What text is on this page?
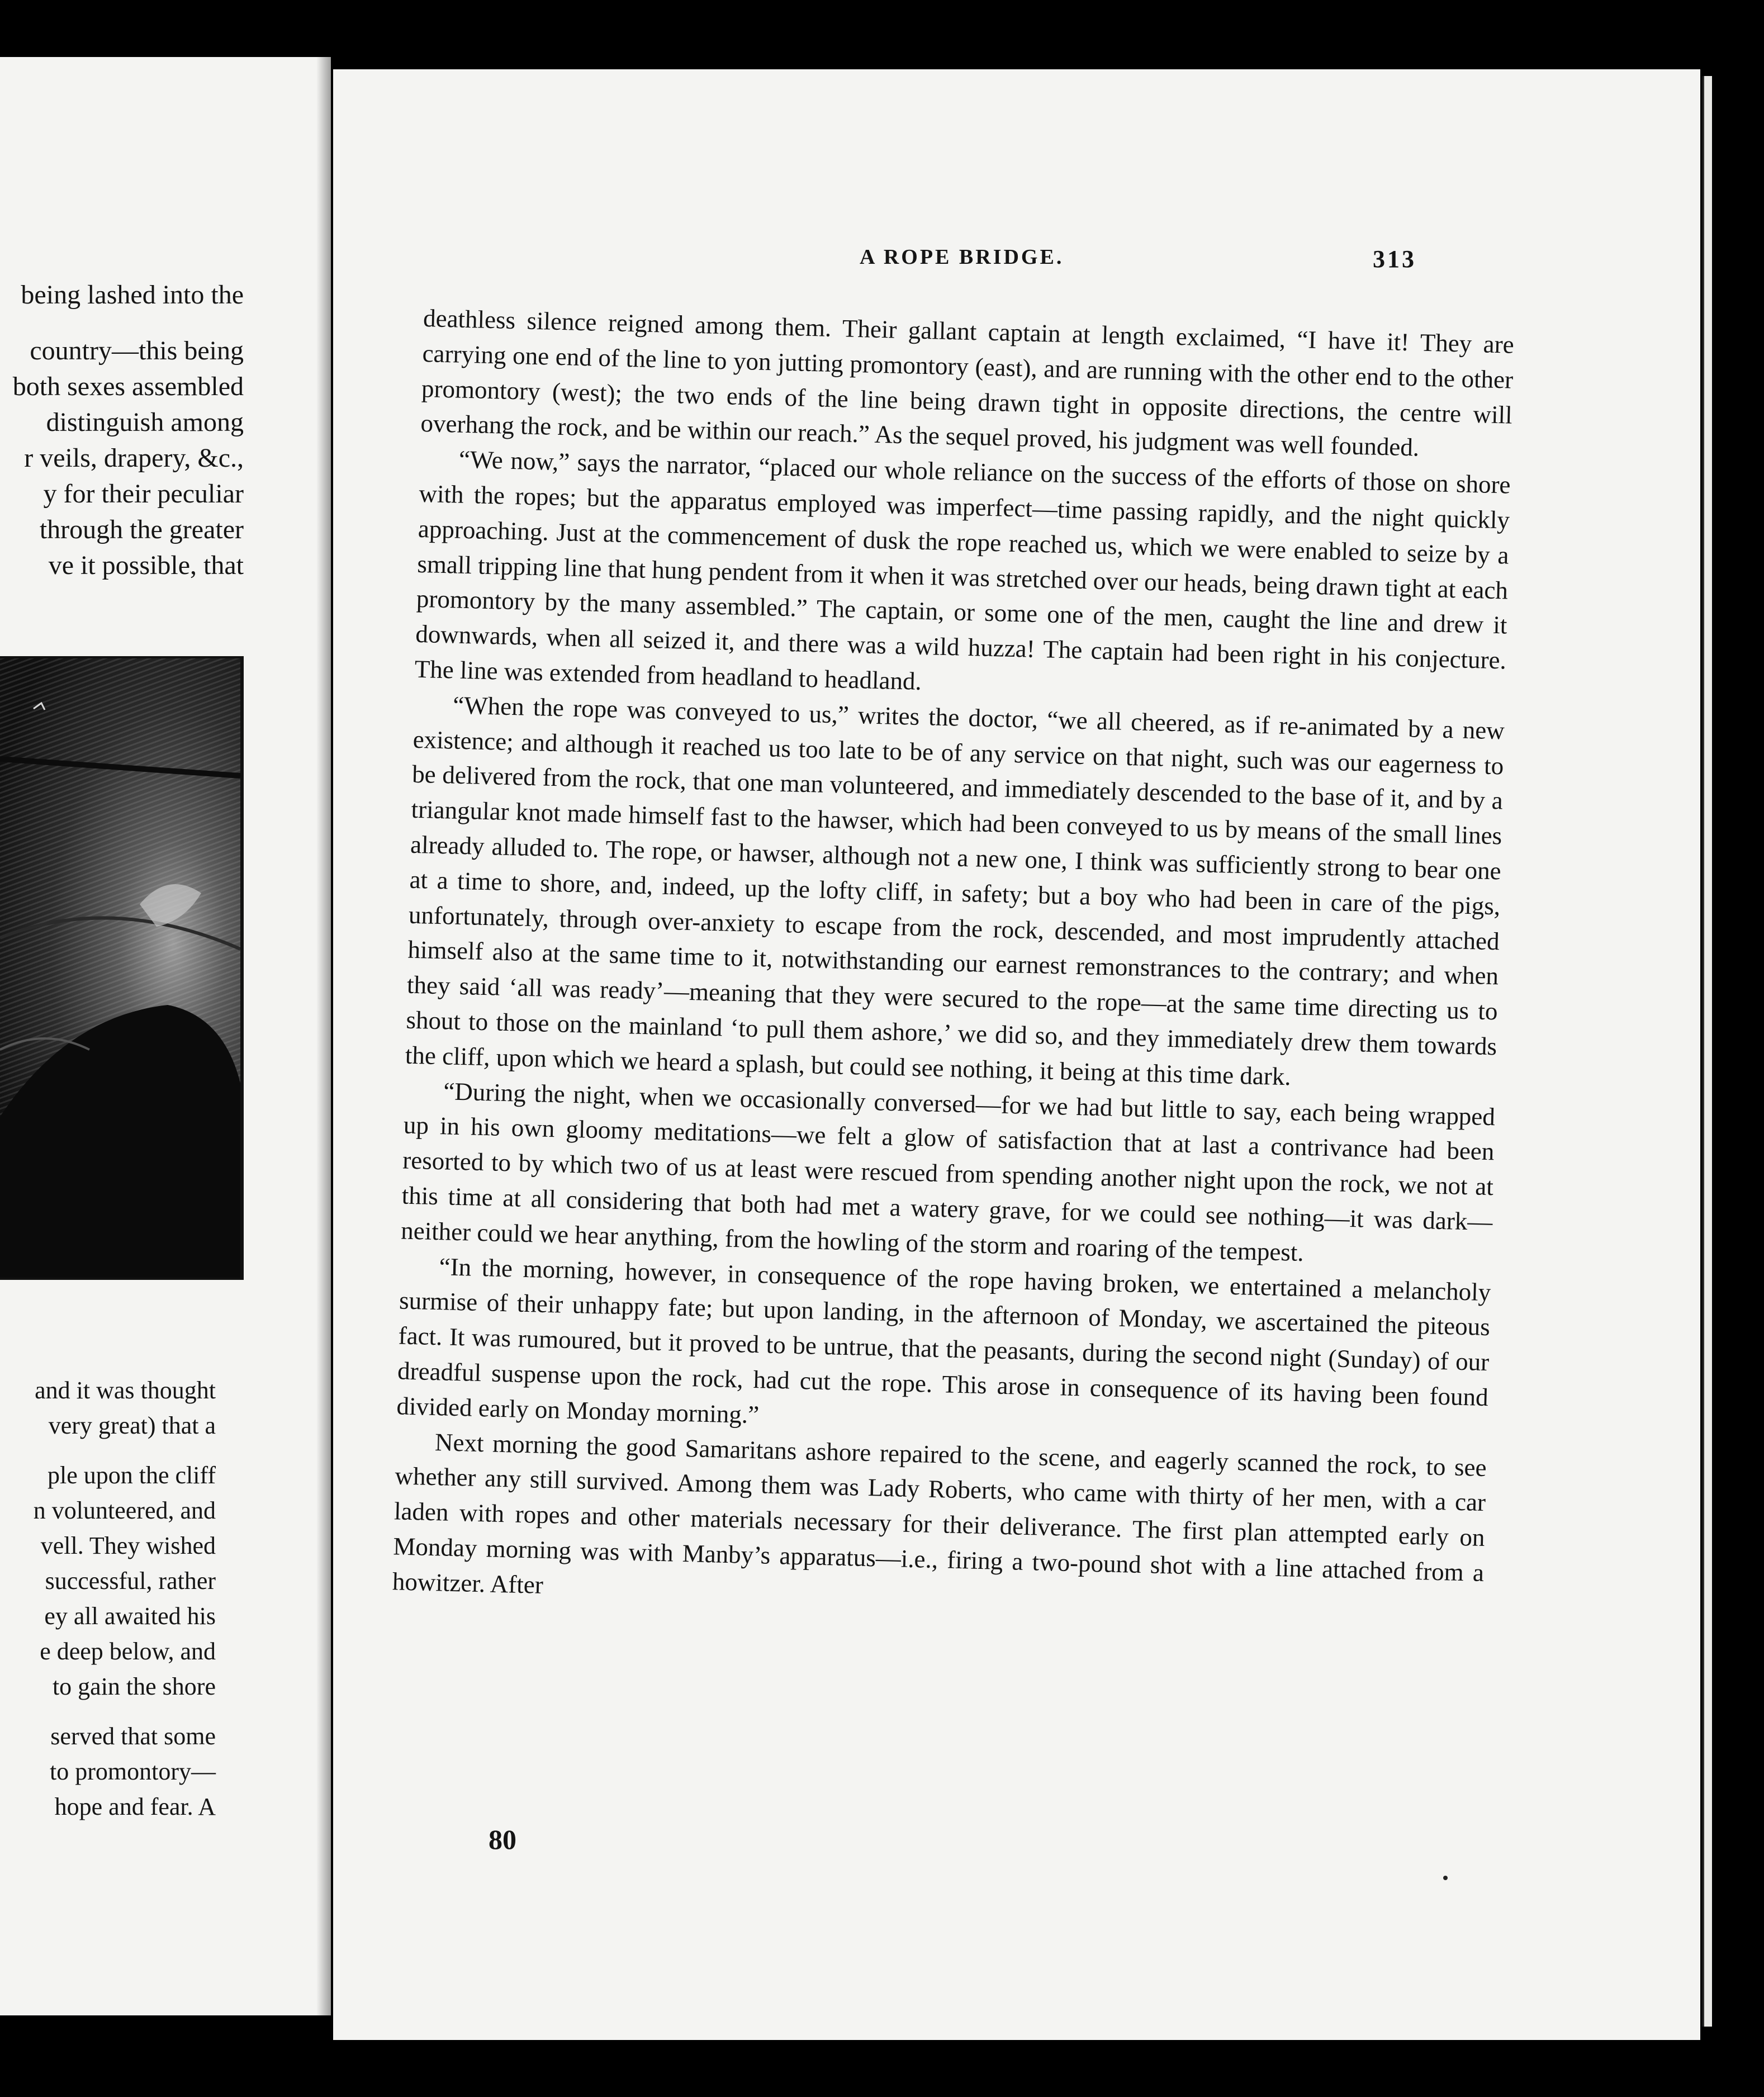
being lashed into the
country—this being
both sexes assembled
distinguish among
r veils, drapery, &c.,
y for their peculiar
through the greater
ve it possible, that
and it was thought
very great) that a
ple upon the cliff
n volunteered, and
vell. They wished
successful, rather
ey all awaited his
e deep below, and
to gain the shore
served that some
to promontory—
hope and fear. A
A ROPE BRIDGE.	313

deathless silence reigned among them. Their gallant captain at length exclaimed, “I have it! They are carrying one end of the line to yon jutting promontory (east), and are running with the other end to the other promontory (west); the two ends of the line being drawn tight in opposite directions, the centre will overhang the rock, and be within our reach.” As the sequel proved, his judgment was well founded.

“We now,” says the narrator, “placed our whole reliance on the success of the efforts of those on shore with the ropes; but the apparatus employed was imperfect—time passing rapidly, and the night quickly approaching. Just at the commencement of dusk the rope reached us, which we were enabled to seize by a small tripping line that hung pendent from it when it was stretched over our heads, being drawn tight at each promontory by the many assembled.” The captain, or some one of the men, caught the line and drew it downwards, when all seized it, and there was a wild huzza! The captain had been right in his conjecture. The line was extended from headland to headland.

“When the rope was conveyed to us,” writes the doctor, “we all cheered, as if re-animated by a new existence; and although it reached us too late to be of any service on that night, such was our eagerness to be delivered from the rock, that one man volunteered, and immediately descended to the base of it, and by a triangular knot made himself fast to the hawser, which had been conveyed to us by means of the small lines already alluded to. The rope, or hawser, although not a new one, I think was sufficiently strong to bear one at a time to shore, and, indeed, up the lofty cliff, in safety; but a boy who had been in care of the pigs, unfortunately, through over-anxiety to escape from the rock, descended, and most imprudently attached himself also at the same time to it, notwithstanding our earnest remonstrances to the contrary; and when they said ‘all was ready’—meaning that they were secured to the rope—at the same time directing us to shout to those on the mainland ‘to pull them ashore,’ we did so, and they immediately drew them towards the cliff, upon which we heard a splash, but could see nothing, it being at this time dark.

“During the night, when we occasionally conversed—for we had but little to say, each being wrapped up in his own gloomy meditations—we felt a glow of satisfaction that at last a contrivance had been resorted to by which two of us at least were rescued from spending another night upon the rock, we not at this time at all considering that both had met a watery grave, for we could see nothing—it was dark—neither could we hear anything, from the howling of the storm and roaring of the tempest.

“In the morning, however, in consequence of the rope having broken, we entertained a melancholy surmise of their unhappy fate; but upon landing, in the afternoon of Monday, we ascertained the piteous fact. It was rumoured, but it proved to be untrue, that the peasants, during the second night (Sunday) of our dreadful suspense upon the rock, had cut the rope. This arose in consequence of its having been found divided early on Monday morning.”

Next morning the good Samaritans ashore repaired to the scene, and eagerly scanned the rock, to see whether any still survived. Among them was Lady Roberts, who came with thirty of her men, with a car laden with ropes and other materials necessary for their deliverance. The first plan attempted early on Monday morning was with Manby’s apparatus—i.e., firing a two-pound shot with a line attached from a howitzer. After

80
